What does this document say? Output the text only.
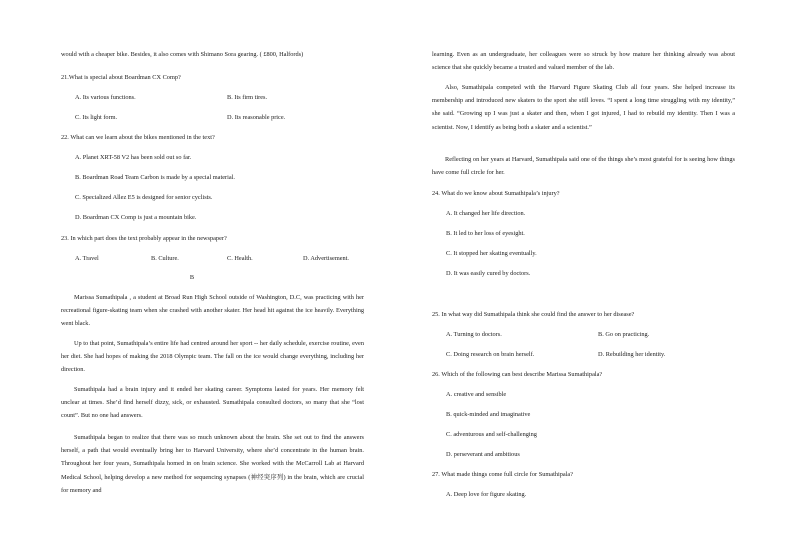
would with a cheaper bike. Besides, it also comes with Shimano Sora gearing. ( £800, Halfords)
21.What is special about Boardman CX Comp?
A. Its various functions.	B. Its firm tires.
C. Its light form.	D. Its reasonable price.
22. What can we learn about the bikes mentioned in the text?
A. Planet XRT-58 V2 has been sold out so far.
B. Boardman Road Team Carbon is made by a special material.
C. Specialized Allez E5 is designed for senior cyclists.
D. Boardman CX Comp is just a mountain bike.
23. In which part does the text probably appear in the newspaper?
A. Travel	B. Culture.	C. Health.	D. Advertisement.
B

Marissa Sumathipala , a student at Broad Run High School outside of Washington, D.C, was practicing with her recreational figure-skating team when she crashed with another skater. Her head hit against the ice heavily. Everything went black.

Up to that point, Sumathipala’s entire life had centred around her sport -- her daily schedule, exercise routine, even her diet. She had hopes of making the 2018 Olympic team. The fall on the ice would change everything, including her direction.

Sumathipala had a brain injury and it ended her skating career. Symptoms lasted for years. Her memory felt unclear at times. She’d find herself dizzy, sick, or exhausted. Sumathipala consulted doctors, so many that she “lost count”. But no one had answers.

Sumathipala began to realize that there was so much unknown about the brain. She set out to find the answers herself, a path that would eventually bring her to Harvard University, where she’d concentrate in the human brain. Throughout her four years, Sumathipala homed in on brain science. She worked with the McCarroll Lab at Harvard Medical School, helping develop a new method for sequencing synapses (神经突序列) in the brain, which are crucial for memory and

learning. Even as an undergraduate, her colleagues were so struck by how mature her thinking already was about science that she quickly became a trusted and valued member of the lab.

Also, Sumathipala competed with the Harvard Figure Skating Club all four years. She helped increase its membership and introduced new skaters to the sport she still loves. “I spent a long time struggling with my identity,” she said. “Growing up I was just a skater and then, when I got injured, I had to rebuild my identity. Then I was a scientist. Now, I identify as being both a skater and a scientist.”

Reflecting on her years at Harvard, Sumathipala said one of the things she’s most grateful for is seeing how things have come full circle for her.

24. What do we know about Sumathipala’s injury?
A. It changed her life direction.
B. It led to her loss of eyesight.
C. It stopped her skating eventually.
D. It was easily cured by doctors.
25. In what way did Sumathipala think she could find the answer to her disease?
A. Turning to doctors.	B. Go on practicing.
C. Doing research on brain herself.	D. Rebuilding her identity.
26. Which of the following can best describe Marissa Sumathipala?
A. creative and sensible
B. quick-minded and imaginative
C. adventurous and self-challenging
D. perseverant and ambitious
27. What made things come full circle for Sumathipala?
A. Deep love for figure skating.
